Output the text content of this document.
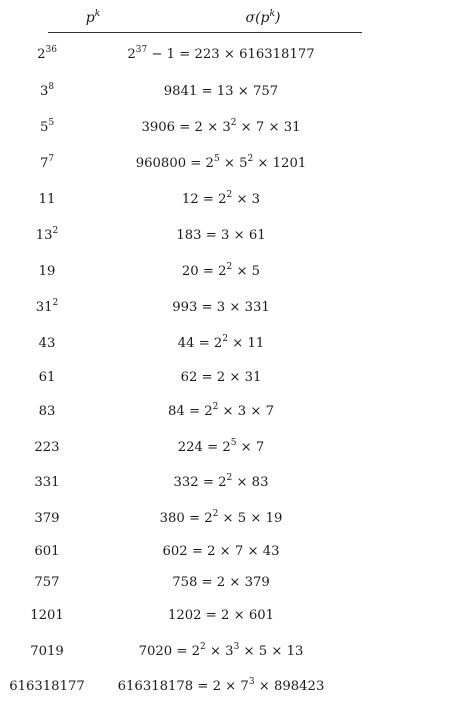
$p^k$	$\sigma(p^k)$
$2^{36}$	$2^{37} - 1 = 223 \times 616318177$
$3^8$	9841 = 13 × 757
$5^5$	$3906 = 2 \times 3^2 \times 7 \times 31$
$7^7$	$960800 = 2^5 \times 5^2 \times 1201$
11	$12 = 2^2 \times 3$
$13^2$	183 = 3 × 61
19	$20 = 2^2 \times 5$
$31^2$	993 = 3 × 331
43	$44 = 2^2 \times 11$
61	62 = 2 × 31
83	$84 = 2^2 \times 3 \times 7$
223	$224 = 2^5 \times 7$
331	$332 = 2^2 \times 83$
379	$380 = 2^2 \times 5 \times 19$
601	602 = 2 × 7 × 43
757	758 = 2 × 379
1201	1202 = 2 × 601
7019	$7020 = 2^2 \times 3^3 \times 5 \times 13$
616318177	$616318178 = 2 \times 7^3 \times 898423$
